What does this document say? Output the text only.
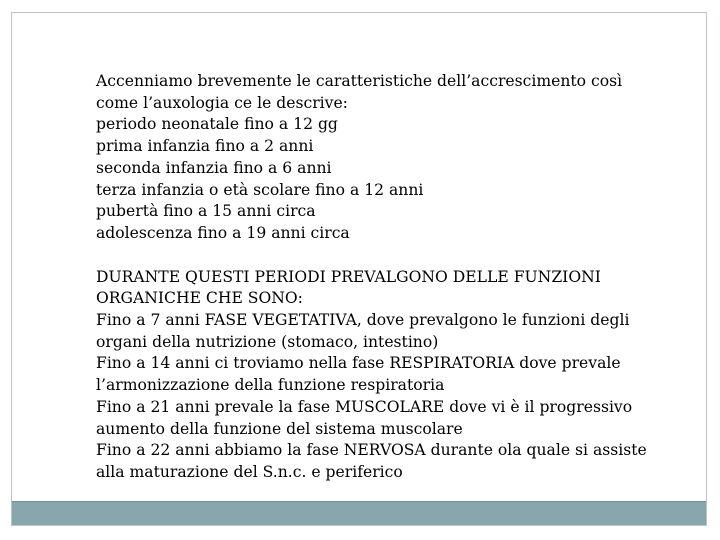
Accenniamo brevemente le caratteristiche dell’accrescimento così
come l’auxologia ce le descrive:
periodo neonatale fino a 12 gg
prima infanzia fino a 2 anni
seconda infanzia fino a 6 anni
terza infanzia o età scolare fino a 12 anni
pubertà fino a 15 anni circa
adolescenza fino a 19 anni circa

DURANTE QUESTI PERIODI PREVALGONO DELLE FUNZIONI
ORGANICHE CHE SONO:
Fino a 7 anni FASE VEGETATIVA, dove prevalgono le funzioni degli
organi della nutrizione (stomaco, intestino)
Fino a 14 anni ci troviamo nella fase RESPIRATORIA dove prevale
l’armonizzazione della funzione respiratoria
Fino a 21 anni prevale la fase MUSCOLARE dove vi è il progressivo
aumento della funzione del sistema muscolare
Fino a 22 anni abbiamo la fase NERVOSA durante ola quale si assiste
alla maturazione del S.n.c. e periferico
